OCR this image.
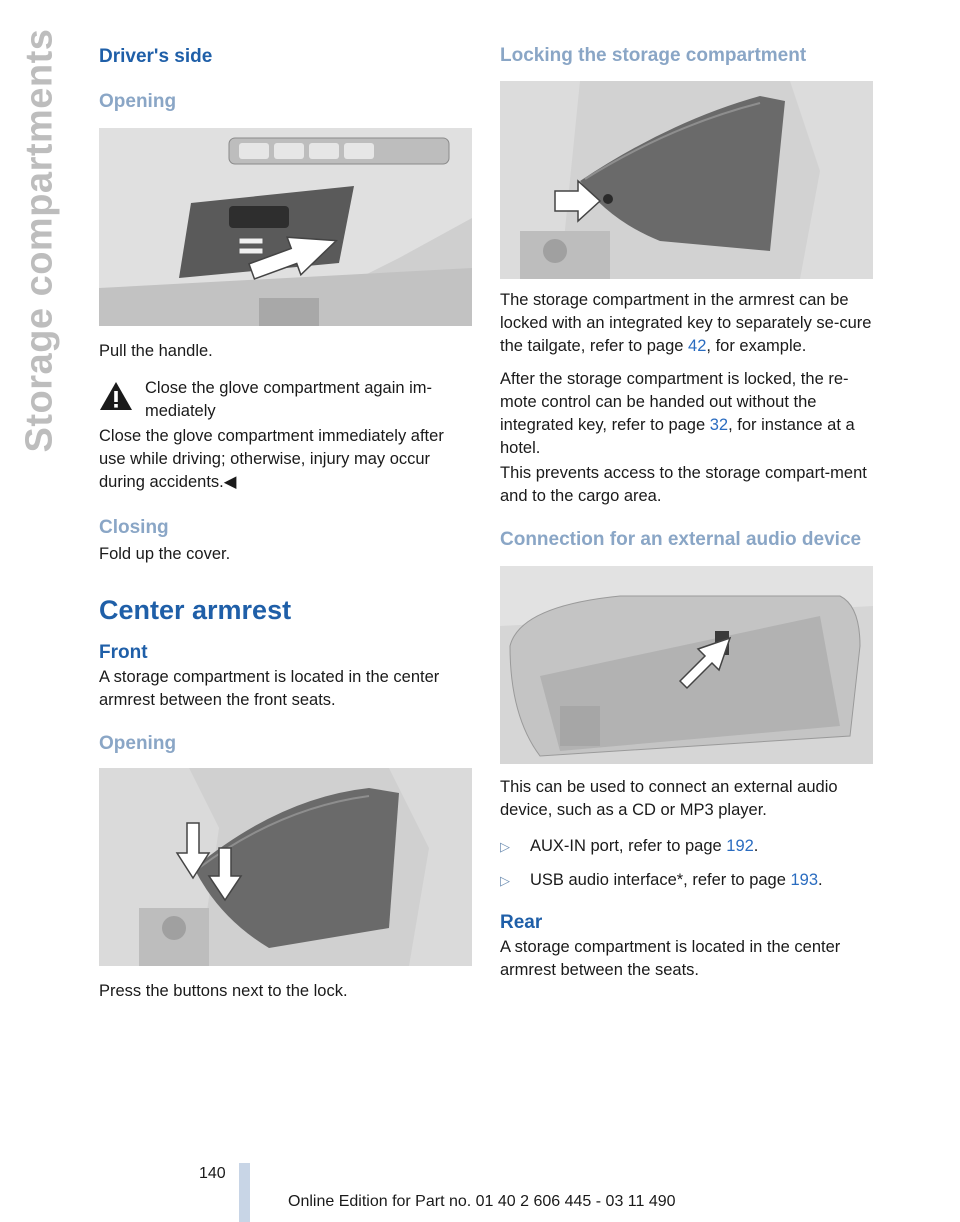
Storage compartments Driver's side
Opening

Pull the handle.

Close the glove compartment again im‐mediately

Close the glove compartment immediately after use while driving; otherwise, injury may occur during accidents.◀

Closing

Fold up the cover.

Center armrest
Front

A storage compartment is located in the center armrest between the front seats.

Opening

Press the buttons next to the lock.

Locking the storage compartment

The storage compartment in the armrest can be locked with an integrated key to separately se‐cure the tailgate, refer to page 42, for example.

After the storage compartment is locked, the re‐mote control can be handed out without the integrated key, refer to page 32, for instance at a hotel.

This prevents access to the storage compart‐ment and to the cargo area.

Connection for an external audio device

This can be used to connect an external audio device, such as a CD or MP3 player.

▷	AUX-IN port, refer to page 192.
▷	USB audio interface*, refer to page 193.
Rear

A storage compartment is located in the center armrest between the seats.

140
Online Edition for Part no. 01 40 2 606 445 - 03 11 490
